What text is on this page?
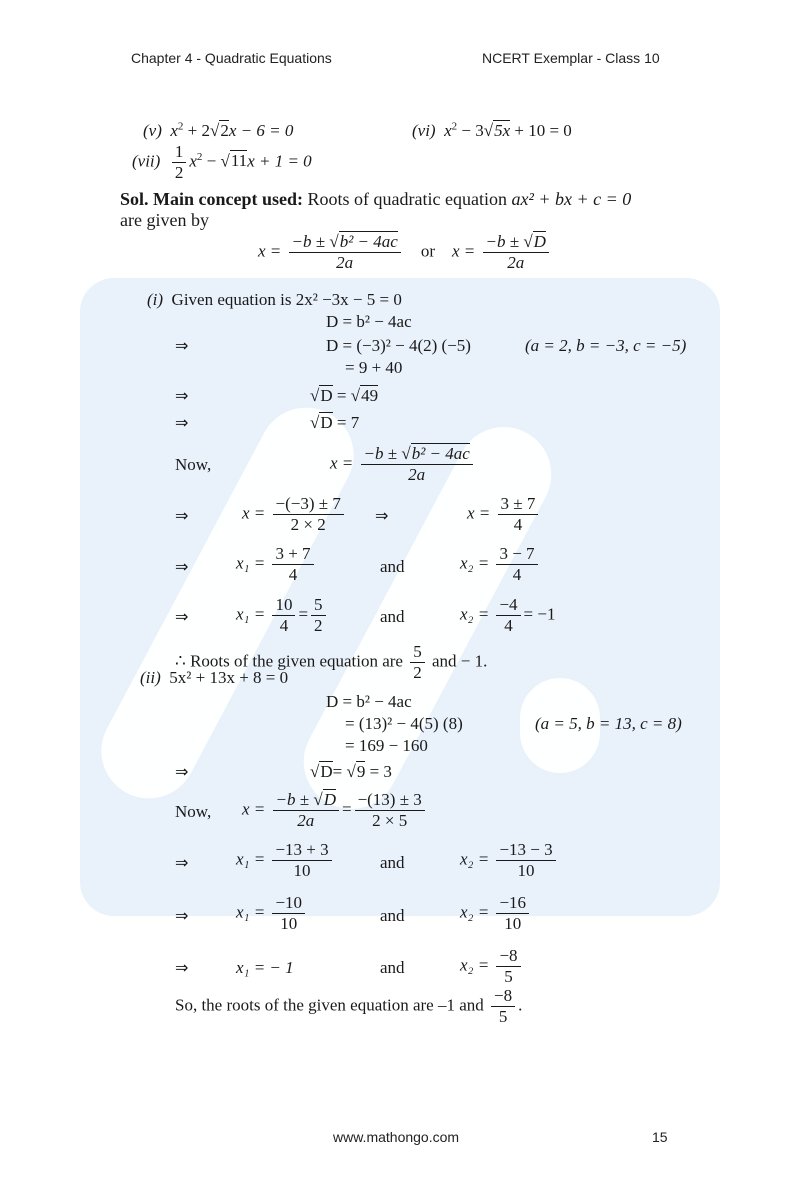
Chapter 4 - Quadratic Equations	NCERT Exemplar - Class 10
(v) $x^2 + 2√2x - 6 = 0$	(vi) $x^2 - 3√5x + 10 = 0$
$(vii) \frac{1}{2} x^2 - √11x + 1 = 0$
Sol. Main concept used: Roots of quadratic equation ax² + bx + c = 0
are given by
$x = \frac{\text{−b ± √b² − 4ac}}{2a}$ or $x = \frac{-b \pm √D}{2a}$
(i) Given equation is 2x² −3x − 5 = 0
D = b² − 4ac
⇒	D = (−3)² − 4(2) (−5)	(a = 2, b = −3, c = −5)
= 9 + 40
⇒	√D = √49
⇒	√D = 7
Now,	$x = \frac{\text{−b ± √b² − 4ac}}{2a}$
⇒	$x = \frac{-(-3) \pm 7}{2 \times 2}$ ⇒	$x = \frac{3 \pm 7}{4}$
⇒	$x_1 = \frac{3 + 7}{4}$	and	$x_2 = \frac{3 - 7}{4}$
⇒	$x_1 = \frac{10}{4} = \frac{5}{2}$	and	$x_2 = \frac{-4}{4} = -1$
∴ Roots of the given equation are $\frac{5}{2}$ and − 1.
(ii) 5x² + 13x + 8 = 0
D = b² − 4ac
= (13)² − 4(5) (8)	(a = 5, b = 13, c = 8)
= 169 − 160
⇒	√D= √9 = 3
Now, $x = \frac{-b \pm √D}{2a} = \frac{-(13) \pm 3}{2 \times 5}$
⇒	$x_1 = \frac{-13 + 3}{10}$	and	$x_2 = \frac{-13 - 3}{10}$
⇒	$x_1 = \frac{-10}{10}$	and	$x_2 = \frac{-16}{10}$
⇒	x₁ = − 1	and	$x_2 = \frac{-8}{5}$
So, the roots of the given equation are –1 and $\frac{-8}{5}$ .
www.mathongo.com	15
